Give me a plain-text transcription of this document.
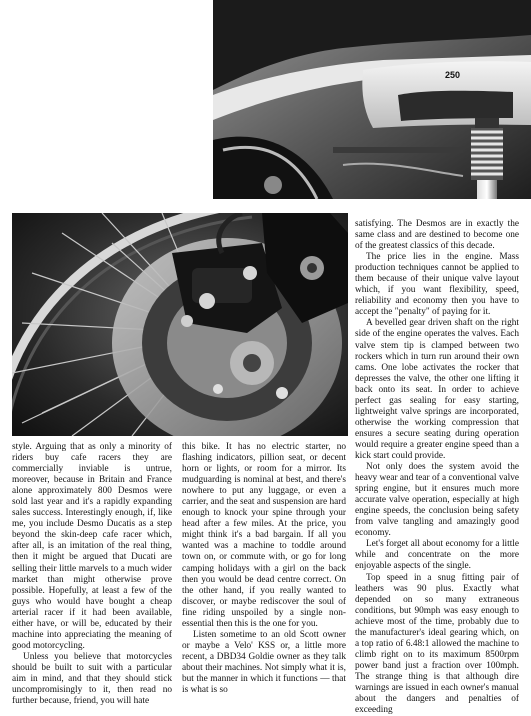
250

style. Arguing that as only a minority of riders buy cafe racers they are commercially inviable is untrue, moreover, because in Britain and France alone approximately 800 Desmos were sold last year and it's a rapidly expanding sales success. Interestingly enough, if, like me, you include Desmo Ducatis as a step beyond the skin-deep cafe racer which, after all, is an imitation of the real thing, then it might be argued that Ducati are selling their little marvels to a much wider market than might otherwise prove possible. Hopefully, at least a few of the guys who would have bought a cheap arterial racer if it had been available, either have, or will be, educated by their machine into appreciating the meaning of good motorcycling.

Unless you believe that motorcycles should be built to suit with a particular aim in mind, and that they should stick uncompromisingly to it, then read no further because, friend, you will hate

this bike. It has no electric starter, no flashing indicators, pillion seat, or decent horn or lights, or room for a mirror. Its mudguarding is nominal at best, and there's nowhere to put any luggage, or even a carrier, and the seat and suspension are hard enough to knock your spine through your head after a few miles. At the price, you might think it's a bad bargain. If all you wanted was a machine to toddle around town on, or commute with, or go for long camping holidays with a girl on the back then you would be dead centre correct. On the other hand, if you really wanted to discover, or maybe rediscover the soul of fine riding unspoiled by a single non-essential then this is the one for you.

Listen sometime to an old Scott owner or maybe a Velo' KSS or, a little more recent, a DBD34 Goldie owner as they talk about their machines. Not simply what it is, but the manner in which it functions — that is what is so

satisfying. The Desmos are in exactly the same class and are destined to become one of the greatest classics of this decade.

The price lies in the engine. Mass production techniques cannot be applied to them because of their unique valve layout which, if you want flexibility, speed, reliability and economy then you have to accept the "penalty" of paying for it.

A bevelled gear driven shaft on the right side of the engine operates the valves. Each valve stem tip is clamped between two rockers which in turn run around their own cams. One lobe activates the rocker that depresses the valve, the other one lifting it back onto its seat. In order to achieve perfect gas sealing for easy starting, lightweight valve springs are incorporated, otherwise the working compression that ensures a secure seating during operation would require a greater engine speed than a kick start could provide.

Not only does the system avoid the heavy wear and tear of a conventional valve spring engine, but it ensures much more accurate valve operation, especially at high engine speeds, the conclusion being safety from valve tangling and amazingly good economy.

Let's forget all about economy for a little while and concentrate on the more enjoyable aspects of the single.

Top speed in a snug fitting pair of leathers was 90 plus. Exactly what depended on so many extraneous conditions, but 90mph was easy enough to achieve most of the time, probably due to the manufacturer's ideal gearing which, on a top ratio of 6.48:1 allowed the machine to climb right on to its maximum 8500rpm power band just a fraction over 100mph. The strange thing is that although dire warnings are issued in each owner's manual about the dangers and penalties of exceeding
